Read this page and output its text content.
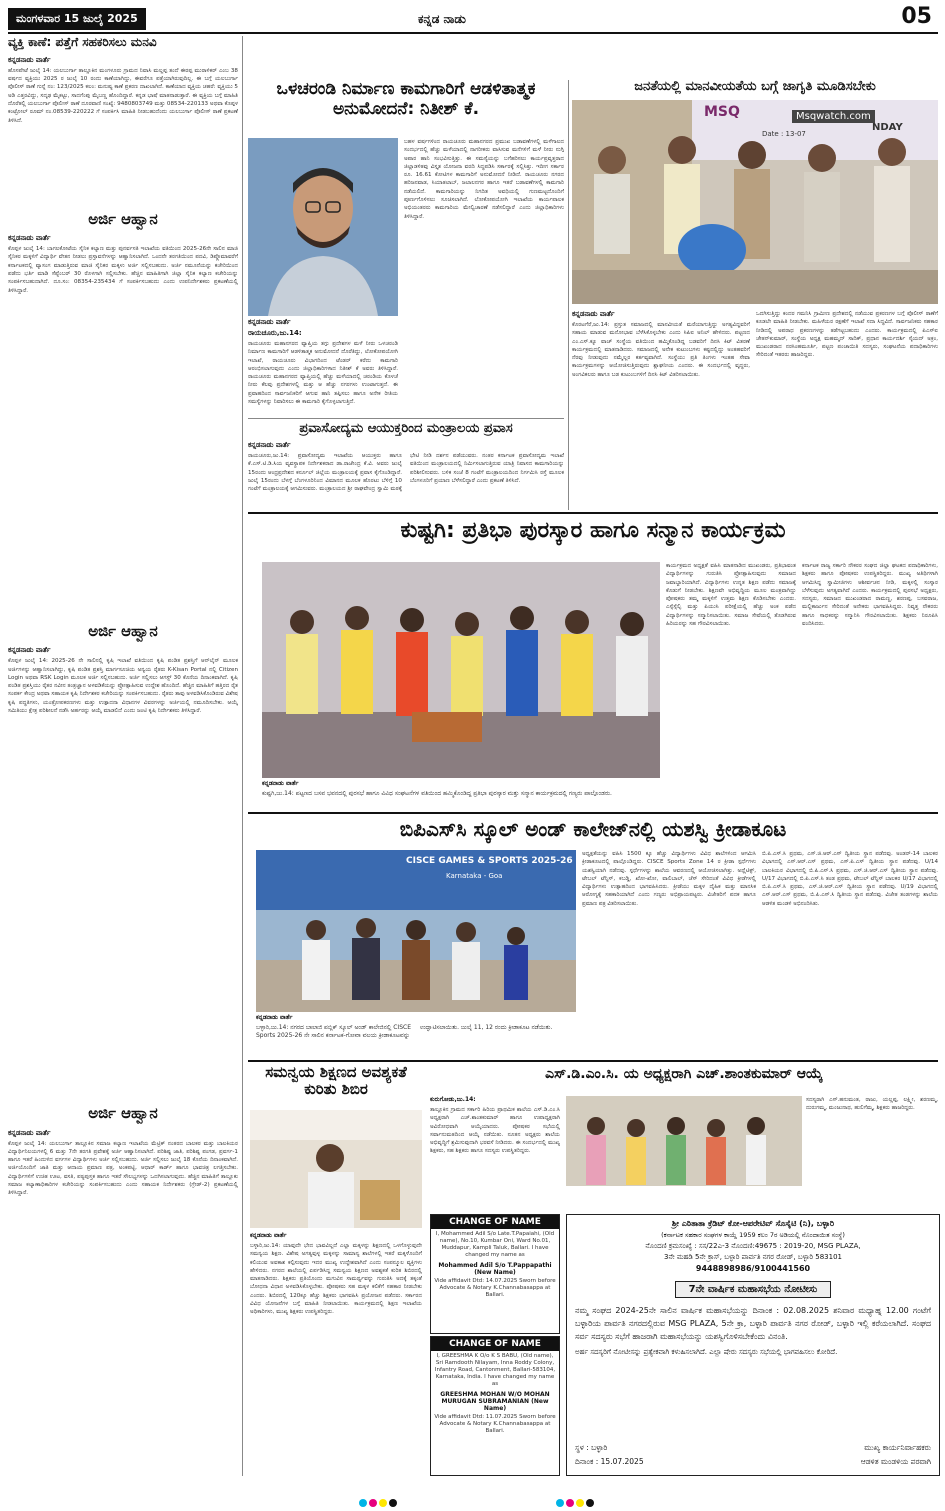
ಮಂಗಳವಾರ 15 ಜುಲೈ 2025	ಕನ್ನಡ ನಾಡು	05
ವ್ಯಕ್ತಿ ಕಾಣೆ: ಪತ್ತೆಗೆ ಸಹಕರಿಸಲು ಮನವಿ
ಕನ್ನಡನಾಡು ವಾರ್ತೆ
ಹೊಸಪೇಟೆ ಜುಲೈ 14: ಯಲಬುರ್ಗಾ ತಾಲ್ಲೂಕಿನ ಮಂಗಳೂರು ಗ್ರಾಮದ ನಿವಾಸಿ ಮಲ್ಲಪ್ಪ ತಂದೆ ಈರಪ್ಪ ಮುರಾಳಿಕರ್ ಎಂಬ 38 ವರ್ಷದ ವ್ಯಕ್ತಿಯು 2025 ರ ಜುಲೈ 10 ರಂದು ಕಾಣೆಯಾಗಿದ್ದು, ಈವರೆಗೂ ಪತ್ತೆಯಾಗಿರುವುದಿಲ್ಲ. ಈ ಬಗ್ಗೆ ಯಲಬುರ್ಗಾ ಪೊಲೀಸ್ ಠಾಣೆ ಗುನ್ನೆ ನಂ: 123/2025 ಕಲಂ: ಮನುಷ್ಯ ಕಾಣೆ ಪ್ರಕರಣ ದಾಖಲಾಗಿದೆ. ಕಾಣೆಯಾದ ವ್ಯಕ್ತಿಯ ಚಹರೆ: ವ್ಯಕ್ತಿಯು 5 ಅಡಿ ಎತ್ತರವಿದ್ದು, ಸದೃಢ ಮೈಕಟ್ಟು, ಸಾದಗೆಂಪು ಮೈಬಣ್ಣ ಹೊಂದಿದ್ದಾರೆ. ಕನ್ನಡ ಭಾಷೆ ಮಾತನಾಡುತ್ತಾರೆ. ಈ ವ್ಯಕ್ತಿಯ ಬಗ್ಗೆ ಮಾಹಿತಿ ದೊರೆತಲ್ಲಿ ಯಲಬುರ್ಗಾ ಪೊಲೀಸ್ ಠಾಣೆ ದೂರವಾಣಿ ಸಂಖ್ಯೆ: 9480803749 ಮತ್ತು 08534-220133 ಅಥವಾ ಕೊಪ್ಪಳ ಕಂಟ್ರೋಲ್ ರೂಮ್ ನಂ.08539-220222 ಗೆ ಸಂಪರ್ಕಿಸಿ ಮಾಹಿತಿ ನೀಡಬಹುದೆಂದು ಯಲಬುರ್ಗಾ ಪೊಲೀಸ್ ಠಾಣೆ ಪ್ರಕಟಣೆ ತಿಳಿಸಿದೆ.
ಅರ್ಜಿ ಆಹ್ವಾನ
ಕನ್ನಡನಾಡು ವಾರ್ತೆ
ಕೊಪ್ಪಳ ಜುಲೈ 14: ಬಾಗಲಕೋಟೆಯ ಸೈನಿಕ ಕಲ್ಯಾಣ ಮತ್ತು ಪುನರ್ವಸತಿ ಇಲಾಖೆಯ ವತಿಯಿಂದ 2025-26ನೇ ಸಾಲಿನ ಮಾಜಿ ಸೈನಿಕರ ಮಕ್ಕಳಿಗೆ ವಿದ್ಯಾರ್ಥಿ ವೇತನ ನೀಡಲು ಪ್ರಸ್ತಾವನೆಗಳನ್ನು ಆಹ್ವಾನಿಸಲಾಗಿದೆ. ಒಂದನೇ ತರಗತಿಯಿಂದ ಪದವಿ, ಡಿಪ್ಲೊಮಾವರೆಗೆ ಕರ್ನಾಟಕದಲ್ಲಿ ವ್ಯಾಸಂಗ ಮಾಡುತ್ತಿರುವ ಮಾಜಿ ಸೈನಿಕರ ಮಕ್ಕಳು ಅರ್ಜಿ ಸಲ್ಲಿಸಬಹುದು. ಅರ್ಜಿ ನಮೂನೆಯನ್ನು ಕಚೇರಿಯಿಂದ ಪಡೆದು ಭರ್ತಿ ಮಾಡಿ ಸೆಪ್ಟೆಂಬರ್ 30 ರೊಳಗಾಗಿ ಸಲ್ಲಿಸಬೇಕು. ಹೆಚ್ಚಿನ ಮಾಹಿತಿಗಾಗಿ ಜಿಲ್ಲಾ ಸೈನಿಕ ಕಲ್ಯಾಣ ಕಚೇರಿಯನ್ನು ಸಂಪರ್ಕಿಸಬಹುದಾಗಿದೆ. ದೂ.ಸಂ: 08354-235434 ಗೆ ಸಂಪರ್ಕಿಸಬಹುದು ಎಂದು ಉಪನಿರ್ದೇಶಕರು ಪ್ರಕಟಣೆಯಲ್ಲಿ ತಿಳಿಸಿದ್ದಾರೆ.
ಅರ್ಜಿ ಆಹ್ವಾನ
ಕನ್ನಡನಾಡು ವಾರ್ತೆ
ಕೊಪ್ಪಳ ಜುಲೈ 14: 2025-26 ನೇ ಸಾಲಿನಲ್ಲಿ ಕೃಷಿ ಇಲಾಖೆ ವತಿಯಿಂದ ಕೃಷಿ ಪಂಡಿತ ಪ್ರಶಸ್ತಿಗೆ ಆನ್‌ಲೈನ್ ಮೂಲಕ ಅರ್ಜಿಗಳನ್ನು ಆಹ್ವಾನಿಸಲಾಗಿದ್ದು, ಕೃಷಿ ಪಂಡಿತ ಪ್ರಶಸ್ತಿ ಮಾರ್ಗಸೂಚಿಯ ಅನ್ವಯ ರೈತರು K-Kisan Portal ನಲ್ಲಿ Citizen Login ಅಥವಾ RSK Login ಮೂಲಕ ಅರ್ಜಿ ಸಲ್ಲಿಸಬಹುದು. ಅರ್ಜಿ ಸಲ್ಲಿಸಲು ಆಗಸ್ಟ್ 30 ಕೊನೆಯ ದಿನಾಂಕವಾಗಿದೆ. ಕೃಷಿ ಪಂಡಿತ ಪ್ರಶಸ್ತಿಯು ರೈತರ ನವೀನ ತಂತ್ರಜ್ಞಾನ ಅಳವಡಿಕೆಯನ್ನು ಪ್ರೋತ್ಸಾಹಿಸುವ ಉದ್ದೇಶ ಹೊಂದಿದೆ. ಹೆಚ್ಚಿನ ಮಾಹಿತಿಗೆ ಹತ್ತಿರದ ರೈತ ಸಂಪರ್ಕ ಕೇಂದ್ರ ಅಥವಾ ಸಹಾಯಕ ಕೃಷಿ ನಿರ್ದೇಶಕರ ಕಚೇರಿಯನ್ನು ಸಂಪರ್ಕಿಸಬಹುದು. ರೈತರು ತಾವು ಅಳವಡಿಸಿಕೊಂಡಿರುವ ವಿಶೇಷ ಕೃಷಿ ಪದ್ಧತಿಗಳು, ಯಂತ್ರೋಪಕರಣಗಳು ಮತ್ತು ಉತ್ಪಾದನಾ ವಿಧಾನಗಳ ವಿವರಗಳನ್ನು ಅರ್ಜಿಯಲ್ಲಿ ನಮೂದಿಸಬೇಕು. ಆಯ್ಕೆ ಸಮಿತಿಯು ಕ್ಷೇತ್ರ ಪರಿಶೀಲನೆ ನಡೆಸಿ ಅರ್ಹರನ್ನು ಆಯ್ಕೆ ಮಾಡಲಿದೆ ಎಂದು ಜಂಟಿ ಕೃಷಿ ನಿರ್ದೇಶಕರು ತಿಳಿಸಿದ್ದಾರೆ.
ಅರ್ಜಿ ಆಹ್ವಾನ
ಕನ್ನಡನಾಡು ವಾರ್ತೆ
ಕೊಪ್ಪಳ ಜುಲೈ 14: ಯಲಬುರ್ಗಾ ತಾಲ್ಲೂಕಿನ ಸಮಾಜ ಕಲ್ಯಾಣ ಇಲಾಖೆಯ ಮೆಟ್ರಿಕ್ ನಂತರದ ಬಾಲಕರ ಮತ್ತು ಬಾಲಕಿಯರ ವಿದ್ಯಾರ್ಥಿನಿಲಯಗಳಲ್ಲಿ 6 ಮತ್ತು 7ನೇ ತರಗತಿ ಪ್ರವೇಶಕ್ಕೆ ಅರ್ಜಿ ಆಹ್ವಾನಿಸಲಾಗಿದೆ. ಪರಿಶಿಷ್ಟ ಜಾತಿ, ಪರಿಶಿಷ್ಟ ಪಂಗಡ, ಪ್ರವರ್ಗ-1 ಹಾಗೂ ಇತರೆ ಹಿಂದುಳಿದ ವರ್ಗಗಳ ವಿದ್ಯಾರ್ಥಿಗಳು ಅರ್ಜಿ ಸಲ್ಲಿಸಬಹುದು. ಅರ್ಜಿ ಸಲ್ಲಿಸಲು ಜುಲೈ 18 ಕೊನೆಯ ದಿನಾಂಕವಾಗಿದೆ. ಅರ್ಜಿಯೊಂದಿಗೆ ಜಾತಿ ಮತ್ತು ಆದಾಯ ಪ್ರಮಾಣ ಪತ್ರ, ಅಂಕಪಟ್ಟಿ, ಆಧಾರ್ ಕಾರ್ಡ್ ಹಾಗೂ ಭಾವಚಿತ್ರ ಲಗತ್ತಿಸಬೇಕು. ವಿದ್ಯಾರ್ಥಿಗಳಿಗೆ ಉಚಿತ ಊಟ, ವಸತಿ, ಪಠ್ಯಪುಸ್ತಕ ಹಾಗೂ ಇತರೆ ಸೌಲಭ್ಯಗಳನ್ನು ಒದಗಿಸಲಾಗುವುದು. ಹೆಚ್ಚಿನ ಮಾಹಿತಿಗೆ ತಾಲ್ಲೂಕು ಸಮಾಜ ಕಲ್ಯಾಣಾಧಿಕಾರಿಗಳ ಕಚೇರಿಯನ್ನು ಸಂಪರ್ಕಿಸಬಹುದು ಎಂದು ಸಹಾಯಕ ನಿರ್ದೇಶಕರು (ಗ್ರೇಡ್-2) ಪ್ರಕಟಣೆಯಲ್ಲಿ ತಿಳಿಸಿದ್ದಾರೆ.
ಒಳಚರಂಡಿ ನಿರ್ಮಾಣ ಕಾಮಗಾರಿಗೆ ಆಡಳಿತಾತ್ಮಕ ಅನುಮೋದನೆ: ನಿತೀಶ್ ಕೆ.
ಕನ್ನಡನಾಡು ವಾರ್ತೆ
ರಾಯಚೂರು,ಜು.14:
ರಾಯಚೂರು ಮಹಾನಗರದ ವ್ಯಾಪ್ತಿಯ ತಗ್ಗು ಪ್ರದೇಶಗಳ ಮಳೆ ನೀರು ಒಳಚರಂಡಿ ನಿರ್ಮಾಣ ಕಾಮಗಾರಿಗೆ ಆಡಳಿತಾತ್ಮಕ ಅನುಮೋದನೆ ದೊರೆತಿದ್ದು, ಲೋಕೋಪಯೋಗಿ ಇಲಾಖೆ, ರಾಯಚೂರು ವಿಭಾಗದಿಂದ ಟೆಂಡರ್ ಕರೆದು ಕಾಮಗಾರಿ ಆರಂಭಿಸಲಾಗುವುದು ಎಂದು ಜಿಲ್ಲಾಧಿಕಾರಿಗಳಾದ ನಿತೀಶ್ ಕೆ ಅವರು ತಿಳಿಸಿದ್ದಾರೆ. ರಾಯಚೂರು ಮಹಾನಗರದ ವ್ಯಾಪ್ತಿಯಲ್ಲಿ ಹೆಚ್ಚು ಮಳೆಯಾದಲ್ಲಿ ಚರಂಡಿಯ ಕೊಳಚೆ ನೀರು ಕೆಲವು ಪ್ರದೇಶಗಳಲ್ಲಿ ಮತ್ತು ಆ ಹೆಚ್ಚು ನಗರಗಳು ಉಂಟಾಗುತ್ತದೆ. ಈ ಪ್ರವಾಹದಿಂದ ಸಾರ್ವಜನಿಕರಿಗೆ ಆಗುವ ಹಾನಿ ತಪ್ಪಿಸಲು ಹಾಗೂ ಅನೇಕ ರೀತಿಯ ಸಮಸ್ಯೆಗಳನ್ನು ನಿವಾರಿಸಲು ಈ ಕಾಮಗಾರಿ ಕೈಗೊಳ್ಳಲಾಗುತ್ತಿದೆ.
ಬಹಳ ವರ್ಷಗಳಿಂದ ರಾಯಚೂರು ಮಹಾನಗರದ ಪ್ರಮುಖ ಬಡಾವಣೆಗಳಲ್ಲಿ ಮಳೆಗಾಲದ ಸಂದರ್ಭದಲ್ಲಿ ಹೆಚ್ಚು ಮಳೆಯಾದಲ್ಲಿ ನಾಗರೀಕರು ವಾಸಿಸುವ ಮನೆಗಳಿಗೆ ಮಳೆ ನೀರು ನುಗ್ಗಿ ಅಪಾರ ಹಾನಿ ಸಂಭವಿಸುತ್ತಿತ್ತು. ಈ ಸಮಸ್ಯೆಯನ್ನು ಬಗೆಹರಿಸಲು ಕಾರ್ಯಪ್ರವೃತ್ತರಾದ ಜಿಲ್ಲಾಡಳಿತವು ವಿಸ್ತೃತ ಯೋಜನಾ ವರದಿ ಸಿದ್ಧಪಡಿಸಿ ಸರ್ಕಾರಕ್ಕೆ ಸಲ್ಲಿಸಿತ್ತು. ಇದೀಗ ಸರ್ಕಾರ ರೂ. 16.61 ಕೋಟಿಗಳ ಕಾಮಗಾರಿಗೆ ಅನುಮೋದನೆ ನೀಡಿದೆ. ರಾಯಚೂರು ನಗರದ ಹರಿಜನವಾಡ, ಸಿಯಾತಲಾಬ್, ಜಲಾಲನಗರ ಹಾಗೂ ಇತರೆ ಬಡಾವಣೆಗಳಲ್ಲಿ ಕಾಮಗಾರಿ ನಡೆಯಲಿದೆ. ಕಾಮಗಾರಿಯನ್ನು ನಿಗದಿತ ಅವಧಿಯಲ್ಲಿ ಗುಣಮಟ್ಟದೊಂದಿಗೆ ಪೂರ್ಣಗೊಳಿಸಲು ಸೂಚಿಸಲಾಗಿದೆ. ಲೋಕೋಪಯೋಗಿ ಇಲಾಖೆಯ ಕಾರ್ಯಪಾಲಕ ಅಭಿಯಂತರರು ಕಾಮಗಾರಿಯ ಮೇಲ್ವಿಚಾರಣೆ ನಡೆಸಲಿದ್ದಾರೆ ಎಂದು ಜಿಲ್ಲಾಧಿಕಾರಿಗಳು ತಿಳಿಸಿದ್ದಾರೆ.
ಪ್ರವಾಸೋದ್ಯಮ ಆಯುಕ್ತರಿಂದ ಮಂತ್ರಾಲಯ ಪ್ರವಾಸ
ಕನ್ನಡನಾಡು ವಾರ್ತೆ
ರಾಯಚೂರು,ಜು.14: ಪ್ರವಾಸೋದ್ಯಮ ಇಲಾಖೆಯ ಆಯುಕ್ತರು ಹಾಗೂ ಕೆ.ಎಸ್.ಟಿ.ಡಿ.ಸಿಯ ವ್ಯವಸ್ಥಾಪಕ ನಿರ್ದೇಶಕರಾದ ಡಾ.ರಾಜೇಂದ್ರ ಕೆ.ವಿ. ಅವರು ಜುಲೈ 15ರಂದು ಆಂಧ್ರಪ್ರದೇಶದ ಕರ್ನೂಲ್ ಜಿಲ್ಲೆಯ ಮಂತ್ರಾಲಯಕ್ಕೆ ಪ್ರವಾಸ ಕೈಗೊಂಡಿದ್ದಾರೆ. ಜುಲೈ 15ರಂದು ಬೆಳಗ್ಗೆ ಬೆಂಗಳೂರಿನಿಂದ ವಿಮಾನದ ಮೂಲಕ ಹೊರಟು ಬೆಳಿಗ್ಗೆ 10 ಗಂಟೆಗೆ ಮಂತ್ರಾಲಯಕ್ಕೆ ಆಗಮಿಸುವರು. ಮಂತ್ರಾಲಯದ ಶ್ರೀ ರಾಘವೇಂದ್ರ ಸ್ವಾಮಿ ಮಠಕ್ಕೆ ಭೇಟಿ ನೀಡಿ ದರ್ಶನ ಪಡೆಯುವರು. ನಂತರ ಕರ್ನಾಟಕ ಪ್ರವಾಸೋದ್ಯಮ ಇಲಾಖೆ ವತಿಯಿಂದ ಮಂತ್ರಾಲಯದಲ್ಲಿ ನಿರ್ಮಿಸಲಾಗುತ್ತಿರುವ ಯಾತ್ರಿ ನಿವಾಸದ ಕಾಮಗಾರಿಯನ್ನು ಪರಿಶೀಲಿಸುವರು. ಬಳಿಕ ಸಂಜೆ 8 ಗಂಟೆಗೆ ಮಂತ್ರಾಲಯದಿಂದ ನಿರ್ಗಮಿಸಿ ರಸ್ತೆ ಮೂಲಕ ಬೆಂಗಳೂರಿಗೆ ಪ್ರಯಾಣ ಬೆಳೆಸಲಿದ್ದಾರೆ ಎಂದು ಪ್ರಕಟಣೆ ತಿಳಿಸಿದೆ.
ಜನತೆಯಲ್ಲಿ ಮಾನವೀಯತೆಯ ಬಗ್ಗೆ ಜಾಗೃತಿ ಮೂಡಿಸಬೇಕು
MSQ	Msqwatch.com
Date : 13-07
NDAY
ಕನ್ನಡನಾಡು ವಾರ್ತೆ
ಕೊರಟಗೆರೆ,ಜು.14: ಪ್ರಸ್ತುತ ಸಮಾಜದಲ್ಲಿ ಮಾನವೀಯತೆ ಮರೆಯಾಗುತ್ತಿದ್ದು ಅಗತ್ಯವಿದ್ದವರಿಗೆ ಸಹಾಯ ಮಾಡುವ ಮನೋಭಾವ ಬೆಳೆಸಿಕೊಳ್ಳಬೇಕು ಎಂದು ಸಿಪಿಐ ಅನಿಲ್ ಹೇಳಿದರು. ಪಟ್ಟಣದ ಎಂ.ಎಸ್.ಕ್ಯೂ ವಾಚ್ ಸಂಸ್ಥೆಯ ವತಿಯಿಂದ ಹಮ್ಮಿಕೊಂಡಿದ್ದ ಬಡವರಿಗೆ ದಿನಸಿ ಕಿಟ್ ವಿತರಣೆ ಕಾರ್ಯಕ್ರಮದಲ್ಲಿ ಮಾತನಾಡಿದರು. ಸಮಾಜದಲ್ಲಿ ಅನೇಕ ಕುಟುಂಬಗಳು ಕಷ್ಟದಲ್ಲಿದ್ದು ಅಂತಹವರಿಗೆ ನೆರವು ನೀಡುವುದು ನಮ್ಮೆಲ್ಲರ ಕರ್ತವ್ಯವಾಗಿದೆ. ಸಂಸ್ಥೆಯು ಪ್ರತಿ ತಿಂಗಳು ಇಂತಹ ಸೇವಾ ಕಾರ್ಯಕ್ರಮಗಳನ್ನು ಆಯೋಜಿಸುತ್ತಿರುವುದು ಶ್ಲಾಘನೀಯ ಎಂದರು. ಈ ಸಂದರ್ಭದಲ್ಲಿ ವೃದ್ಧರು, ಅಂಗವಿಕಲರು ಹಾಗೂ ಬಡ ಕುಟುಂಬಗಳಿಗೆ ದಿನಸಿ ಕಿಟ್ ವಿತರಿಸಲಾಯಿತು.
ಒದಗಿಸುತ್ತಿದ್ದು ಕಂದರ ಗಮನಿಸಿ ಗ್ರಾಮೀಣ ಪ್ರದೇಶದಲ್ಲಿ ನಡೆಯುವ ಪ್ರಕರಣಗಳ ಬಗ್ಗೆ ಪೊಲೀಸ್ ಠಾಣೆಗೆ ಕೂಡಲೇ ಮಾಹಿತಿ ನೀಡಬೇಕು. ಮಹಿಳೆಯರ ರಕ್ಷಣೆಗೆ ಇಲಾಖೆ ಸದಾ ಸಿದ್ಧವಿದೆ. ಸಾರ್ವಜನಿಕರು ಸಹಕಾರ ನೀಡಿದಲ್ಲಿ ಅಪರಾಧ ಪ್ರಕರಣಗಳನ್ನು ತಡೆಗಟ್ಟಬಹುದು ಎಂದರು. ಕಾರ್ಯಕ್ರಮದಲ್ಲಿ ಪಿಎಸ್‌ಐ ಚೇತನ್‌ಕುಮಾರ್, ಸಂಸ್ಥೆಯ ಅಧ್ಯಕ್ಷ ಮಹಮ್ಮದ್ ಸಾದಿಕ್, ಪ್ರಧಾನ ಕಾರ್ಯದರ್ಶಿ ಸೈಯದ್ ಅಕ್ರಂ, ಮುಖಂಡರಾದ ನರಸಿಂಹಮೂರ್ತಿ, ಪಟ್ಟಣ ಪಂಚಾಯಿತಿ ಸದಸ್ಯರು, ಸಂಘಟನೆಯ ಪದಾಧಿಕಾರಿಗಳು ಸೇರಿದಂತೆ ಇತರರು ಹಾಜರಿದ್ದರು.
ಕುಷ್ಟಗಿ: ಪ್ರತಿಭಾ ಪುರಸ್ಕಾರ ಹಾಗೂ ಸನ್ಮಾನ ಕಾರ್ಯಕ್ರಮ
ಕನ್ನಡನಾಡು ವಾರ್ತೆ
ಕುಷ್ಟಗಿ,ಜು.14: ಪಟ್ಟಣದ ಬಸವ ಭವನದಲ್ಲಿ ಪುರಸಭೆ ಹಾಗೂ ವಿವಿಧ ಸಂಘಟನೆಗಳ ವತಿಯಿಂದ ಹಮ್ಮಿಕೊಂಡಿದ್ದ ಪ್ರತಿಭಾ ಪುರಸ್ಕಾರ ಮತ್ತು ಸನ್ಮಾನ ಕಾರ್ಯಕ್ರಮದಲ್ಲಿ ಗಣ್ಯರು ಪಾಲ್ಗೊಂಡರು.
ಕಾರ್ಯಕ್ರಮದ ಅಧ್ಯಕ್ಷತೆ ವಹಿಸಿ ಮಾತನಾಡಿದ ಮುಖಂಡರು, ಪ್ರತಿಭಾವಂತ ವಿದ್ಯಾರ್ಥಿಗಳನ್ನು ಗುರುತಿಸಿ ಪ್ರೋತ್ಸಾಹಿಸುವುದು ಸಮಾಜದ ಜವಾಬ್ದಾರಿಯಾಗಿದೆ. ವಿದ್ಯಾರ್ಥಿಗಳು ಉನ್ನತ ಶಿಕ್ಷಣ ಪಡೆದು ಸಮಾಜಕ್ಕೆ ಕೊಡುಗೆ ನೀಡಬೇಕು. ಶಿಕ್ಷಣವೇ ಅಭಿವೃದ್ಧಿಯ ಮೂಲ ಮಂತ್ರವಾಗಿದ್ದು ಪೋಷಕರು ತಮ್ಮ ಮಕ್ಕಳಿಗೆ ಉತ್ತಮ ಶಿಕ್ಷಣ ಕೊಡಿಸಬೇಕು ಎಂದರು. ಎಸ್ಸೆಸ್ಸೆಲ್ಸಿ ಮತ್ತು ಪಿಯುಸಿ ಪರೀಕ್ಷೆಯಲ್ಲಿ ಹೆಚ್ಚು ಅಂಕ ಪಡೆದ ವಿದ್ಯಾರ್ಥಿಗಳನ್ನು ಸನ್ಮಾನಿಸಲಾಯಿತು. ಸಮಾಜ ಸೇವೆಯಲ್ಲಿ ತೊಡಗಿರುವ ಹಿರಿಯರನ್ನು ಸಹ ಗೌರವಿಸಲಾಯಿತು.
ಕರ್ನಾಟಕ ರಾಜ್ಯ ಸರ್ಕಾರಿ ನೌಕರರ ಸಂಘದ ಜಿಲ್ಲಾ ಘಟಕದ ಪದಾಧಿಕಾರಿಗಳು, ಶಿಕ್ಷಕರು ಹಾಗೂ ಪೋಷಕರು ಉಪಸ್ಥಿತರಿದ್ದರು. ಮುಖ್ಯ ಅತಿಥಿಗಳಾಗಿ ಆಗಮಿಸಿದ್ದ ಸ್ವಾಮೀಜಿಗಳು ಆಶೀರ್ವಚನ ನೀಡಿ, ಮಕ್ಕಳಲ್ಲಿ ಸಂಸ್ಕಾರ ಬೆಳೆಸುವುದು ಅಗತ್ಯವಾಗಿದೆ ಎಂದರು. ಕಾರ್ಯಕ್ರಮದಲ್ಲಿ ಪುರಸಭೆ ಅಧ್ಯಕ್ಷರು, ಸದಸ್ಯರು, ಸಮಾಜದ ಮುಖಂಡರಾದ ರಾಮಣ್ಣ, ಶರಣಪ್ಪ, ಬಸವರಾಜ, ಮಲ್ಲಿಕಾರ್ಜುನ ಸೇರಿದಂತೆ ಅನೇಕರು ಭಾಗವಹಿಸಿದ್ದರು. ನಿವೃತ್ತ ನೌಕರರು ಹಾಗೂ ಸಾಧಕರನ್ನು ಸನ್ಮಾನಿಸಿ ಗೌರವಿಸಲಾಯಿತು. ಶಿಕ್ಷಕರು ನಿರೂಪಿಸಿ ವಂದಿಸಿದರು.
ಬಿಪಿಎಸ್‌ಸಿ ಸ್ಕೂಲ್ ಅಂಡ್ ಕಾಲೇಜ್‌ನಲ್ಲಿ ಯಶಸ್ವಿ ಕ್ರೀಡಾಕೂಟ
CISCE GAMES & SPORTS 2025-26
Karnataka - Goa
ಕನ್ನಡನಾಡು ವಾರ್ತೆ
ಬಳ್ಳಾರಿ,ಜು.14: ನಗರದ ಬಾಲಾಜಿ ಪಬ್ಲಿಕ್ ಸ್ಕೂಲ್ ಅಂಡ್ ಕಾಲೇಜಿನಲ್ಲಿ CISCE Sports 2025-26 ನೇ ಸಾಲಿನ ಕರ್ನಾಟಕ-ಗೋವಾ ವಲಯ ಕ್ರೀಡಾಕೂಟವನ್ನು ಉದ್ಘಾಟಿಸಲಾಯಿತು. ಜುಲೈ 11, 12 ರಂದು ಕ್ರೀಡಾಕೂಟ ನಡೆಯಿತು.
ಅಧ್ಯಕ್ಷತೆಯನ್ನು ವಹಿಸಿ 1500 ಕ್ಕೂ ಹೆಚ್ಚು ವಿದ್ಯಾರ್ಥಿಗಳು ವಿವಿಧ ಶಾಲೆಗಳಿಂದ ಆಗಮಿಸಿ ಕ್ರೀಡಾಕೂಟದಲ್ಲಿ ಪಾಲ್ಗೊಂಡಿದ್ದರು. CISCE Sports Zone 14 ರ ಕ್ರೀಡಾ ಸ್ಪರ್ಧೆಗಳು ಯಶಸ್ವಿಯಾಗಿ ನಡೆದವು. ಸ್ಪರ್ಧೆಗಳನ್ನು ಶಾಲೆಯ ಆವರಣದಲ್ಲಿ ಆಯೋಜಿಸಲಾಗಿತ್ತು. ಅಥ್ಲೆಟಿಕ್ಸ್, ಟೇಬಲ್ ಟೆನ್ನಿಸ್, ಕಬಡ್ಡಿ, ಖೋ-ಖೋ, ವಾಲಿಬಾಲ್, ಚೆಸ್ ಸೇರಿದಂತೆ ವಿವಿಧ ಕ್ರೀಡೆಗಳಲ್ಲಿ ವಿದ್ಯಾರ್ಥಿಗಳು ಉತ್ಸಾಹದಿಂದ ಭಾಗವಹಿಸಿದರು. ಕ್ರೀಡೆಯು ಮಕ್ಕಳ ದೈಹಿಕ ಮತ್ತು ಮಾನಸಿಕ ಆರೋಗ್ಯಕ್ಕೆ ಸಹಕಾರಿಯಾಗಿದೆ ಎಂದು ಗಣ್ಯರು ಅಭಿಪ್ರಾಯಪಟ್ಟರು. ವಿಜೇತರಿಗೆ ಪದಕ ಹಾಗೂ ಪ್ರಮಾಣ ಪತ್ರ ವಿತರಿಸಲಾಯಿತು.
ಬಿ.ಪಿ.ಎಸ್.ಸಿ ಪ್ರಥಮ, ಎಸ್.ಜಿ.ಆರ್.ಎಸ್ ದ್ವಿತೀಯ ಸ್ಥಾನ ಪಡೆದವು. ಅಂಡರ್-14 ಬಾಲಕರ ವಿಭಾಗದಲ್ಲಿ ಎಸ್.ಆರ್.ಎಸ್ ಪ್ರಥಮ, ಎಸ್.ಪಿ.ಎಸ್ ದ್ವಿತೀಯ ಸ್ಥಾನ ಪಡೆದವು. U/14 ಬಾಲಕಿಯರ ವಿಭಾಗದಲ್ಲಿ ಬಿ.ಪಿ.ಎಸ್.ಸಿ ಪ್ರಥಮ, ಎಸ್.ಜಿ.ಆರ್.ಎಸ್ ದ್ವಿತೀಯ ಸ್ಥಾನ ಪಡೆದವು. U/17 ವಿಭಾಗದಲ್ಲಿ ಬಿ.ಪಿ.ಎಸ್.ಸಿ ತಂಡ ಪ್ರಥಮ, ಟೇಬಲ್ ಟೆನ್ನಿಸ್ ಬಾಲಕರ U/17 ವಿಭಾಗದಲ್ಲಿ ಬಿ.ಪಿ.ಎಸ್.ಸಿ ಪ್ರಥಮ, ಎಸ್.ಜಿ.ಆರ್.ಎಸ್ ದ್ವಿತೀಯ ಸ್ಥಾನ ಪಡೆದವು. U/19 ವಿಭಾಗದಲ್ಲಿ ಎಸ್.ಆರ್.ಎಸ್ ಪ್ರಥಮ, ಬಿ.ಪಿ.ಎಸ್.ಸಿ ದ್ವಿತೀಯ ಸ್ಥಾನ ಪಡೆದವು. ವಿಜೇತ ತಂಡಗಳನ್ನು ಶಾಲೆಯ ಆಡಳಿತ ಮಂಡಳಿ ಅಭಿನಂದಿಸಿತು.
ಸಮನ್ವಯ ಶಿಕ್ಷಣದ ಅವಶ್ಯಕತೆ ಕುರಿತು ಶಿಬಿರ
ಕನ್ನಡನಾಡು ವಾರ್ತೆ
ಬಳ್ಳಾರಿ,ಜು.14: ಯಾವುದೇ ಭೇದ ಭಾವವಿಲ್ಲದೆ ಎಲ್ಲಾ ಮಕ್ಕಳನ್ನು ಶಿಕ್ಷಣದಲ್ಲಿ ಒಳಗೊಳ್ಳುವುದೇ ಸಮನ್ವಯ ಶಿಕ್ಷಣ. ವಿಶೇಷ ಅಗತ್ಯವುಳ್ಳ ಮಕ್ಕಳನ್ನು ಸಾಮಾನ್ಯ ಶಾಲೆಗಳಲ್ಲಿ ಇತರೆ ಮಕ್ಕಳೊಂದಿಗೆ ಕಲಿಯುವ ಅವಕಾಶ ಕಲ್ಪಿಸುವುದು ಇದರ ಮುಖ್ಯ ಉದ್ದೇಶವಾಗಿದೆ ಎಂದು ಸಂಪನ್ಮೂಲ ವ್ಯಕ್ತಿಗಳು ಹೇಳಿದರು. ನಗರದ ಶಾಲೆಯಲ್ಲಿ ಏರ್ಪಡಿಸಿದ್ದ ಸಮನ್ವಯ ಶಿಕ್ಷಣದ ಅವಶ್ಯಕತೆ ಕುರಿತ ಶಿಬಿರದಲ್ಲಿ ಮಾತನಾಡಿದರು. ಶಿಕ್ಷಕರು ಪ್ರತಿಯೊಂದು ಮಗುವಿನ ಸಾಮರ್ಥ್ಯವನ್ನು ಗುರುತಿಸಿ ಅದಕ್ಕೆ ತಕ್ಕಂತೆ ಬೋಧನಾ ವಿಧಾನ ಅಳವಡಿಸಿಕೊಳ್ಳಬೇಕು. ಪೋಷಕರು ಸಹ ಮಕ್ಕಳ ಕಲಿಕೆಗೆ ಸಹಕಾರ ನೀಡಬೇಕು ಎಂದರು. ಶಿಬಿರದಲ್ಲಿ 120ಕ್ಕೂ ಹೆಚ್ಚು ಶಿಕ್ಷಕರು ಭಾಗವಹಿಸಿ ಪ್ರಯೋಜನ ಪಡೆದರು. ಸರ್ಕಾರದ ವಿವಿಧ ಯೋಜನೆಗಳ ಬಗ್ಗೆ ಮಾಹಿತಿ ನೀಡಲಾಯಿತು. ಕಾರ್ಯಕ್ರಮದಲ್ಲಿ ಶಿಕ್ಷಣ ಇಲಾಖೆಯ ಅಧಿಕಾರಿಗಳು, ಮುಖ್ಯ ಶಿಕ್ಷಕರು ಉಪಸ್ಥಿತರಿದ್ದರು.
ಎಸ್.ಡಿ.ಎಂ.ಸಿ. ಯ ಅಧ್ಯಕ್ಷರಾಗಿ ಎಚ್.ಶಾಂತಕುಮಾರ್ ಆಯ್ಕೆ
ಕುರುಗೋಡು,ಜು.14:
ತಾಲ್ಲೂಕಿನ ಗ್ರಾಮದ ಸರ್ಕಾರಿ ಹಿರಿಯ ಪ್ರಾಥಮಿಕ ಶಾಲೆಯ ಎಸ್.ಡಿ.ಎಂ.ಸಿ ಅಧ್ಯಕ್ಷರಾಗಿ ಎಚ್.ಶಾಂತಕುಮಾರ್ ಹಾಗೂ ಉಪಾಧ್ಯಕ್ಷರಾಗಿ ಅವಿರೋಧವಾಗಿ ಆಯ್ಕೆಯಾದರು. ಪೋಷಕರ ಸಭೆಯಲ್ಲಿ ಸರ್ವಾನುಮತದಿಂದ ಆಯ್ಕೆ ನಡೆಯಿತು. ನೂತನ ಅಧ್ಯಕ್ಷರು ಶಾಲೆಯ ಅಭಿವೃದ್ಧಿಗೆ ಶ್ರಮಿಸುವುದಾಗಿ ಭರವಸೆ ನೀಡಿದರು. ಈ ಸಂದರ್ಭದಲ್ಲಿ ಮುಖ್ಯ ಶಿಕ್ಷಕರು, ಸಹ ಶಿಕ್ಷಕರು ಹಾಗೂ ಸದಸ್ಯರು ಉಪಸ್ಥಿತರಿದ್ದರು.
ಸದಸ್ಯರಾಗಿ ಎಸ್.ಹನುಮಂತ, ರಾಜು, ಯಲ್ಲಪ್ಪ, ಲಕ್ಷ್ಮೀ, ಶರಣಮ್ಮ, ದುರುಗಮ್ಮ, ಮಂಜುನಾಥ, ಹುಲಿಗೆಮ್ಮ, ಶಿಕ್ಷಕರು ಹಾಜರಿದ್ದರು.
CHANGE OF NAME
I, Mohammed Adil S/o Late.T.Papaiahi, (Old name), No.10, Kumbar Oni, Ward No.01, Muddapur, Kampli Taluk, Ballari. I have changed my name as
Mohammed Adil S/o T.Pappapathi (New Name)
Vide affidavit Dtd: 14.07.2025 Sworn before Advocate & Notary K.Channabasappa at Ballari.
CHANGE OF NAME
I, GREESHMA K O/o K S BABU, (Old name), Sri Ramdooth Nilayam, Inna Roddy Colony, Infantry Road, Cantonment, Ballari-583104, Karnataka, India. I have changed my name as
GREESHMA MOHAN W/O MOHAN MURUGAN SUBRAMANIAN (New Name)
Vide affidavit Dtd: 11.07.2025 Sworn before Advocate & Notary K.Channabasappa at Ballari.
ಶ್ರೀ ಎಠಿತಾತಾ ಕ್ರೆಡಿಟ್ ಕೋ-ಆಪರೇಟಿವ್ ಸೊಸೈಟಿ (ನಿ), ಬಳ್ಳಾರಿ
(ಕರ್ನಾಟಕ ಸಹಕಾರ ಸಂಘಗಳ ಕಾಯ್ದೆ 1959 ಕಲಂ 7ರ ಅಡಿಯಲ್ಲಿ ನೊಂದಾಯಿತ ಸಂಸ್ಥೆ)
ನೊಂದಣಿ ಕ್ರಮಸಂಖ್ಯೆ : ಸಸ/22ಎ-3 ನೊಂದಣಿ:49675 : 2019-20, MSG PLAZA,
3ನೇ ಮಹಡಿ 5ನೇ ಕ್ರಾಸ್, ಬಳ್ಳಾರಿ ಪಾರ್ವತಿ ನಗರ ರೋಡ್, ಬಳ್ಳಾರಿ 583101
9448898986/9100441560
7ನೇ ವಾರ್ಷಿಕ ಮಹಾಸಭೆಯ ನೋಟೀಸು
ನಮ್ಮ ಸಂಘದ 2024-25ನೇ ಸಾಲಿನ ವಾರ್ಷಿಕ ಮಹಾಸಭೆಯನ್ನು ದಿನಾಂಕ : 02.08.2025 ಶನಿವಾರ ಮಧ್ಯಾಹ್ನ 12.00 ಗಂಟೆಗೆ ಬಳ್ಳಾರಿಯ ಪಾರ್ವತಿ ನಗರದಲ್ಲಿರುವ MSG PLAZA, 5ನೇ ಕ್ರಾ, ಬಳ್ಳಾರಿ ಪಾರ್ವತಿ ನಗರ ರೋಡ್, ಬಳ್ಳಾರಿ ಇಲ್ಲಿ ಕರೆಯಲಾಗಿದೆ. ಸಂಘದ ಸರ್ವ ಸದಸ್ಯರು ಸಭೆಗೆ ಹಾಜರಾಗಿ ಮಹಾಸಭೆಯನ್ನು ಯಶಸ್ವಿಗೊಳಿಸಬೇಕೆಂದು ವಿನಂತಿ.
ಅರ್ಹ ಸದಸ್ಯರಿಗೆ ನೋಟೀಸನ್ನು ಪ್ರತ್ಯೇಕವಾಗಿ ಕಳುಹಿಸಲಾಗಿದೆ. ಎಲ್ಲಾ ಷೇರು ಸದಸ್ಯರು ಸಭೆಯಲ್ಲಿ ಭಾಗವಹಿಸಲು ಕೋರಿದೆ.
ಸ್ಥಳ : ಬಳ್ಳಾರಿ
ದಿನಾಂಕ : 15.07.2025
ಮುಖ್ಯ ಕಾರ್ಯನಿರ್ವಾಹಕರು
ಆಡಳಿತ ಮಂಡಳಿಯ ಪರವಾಗಿ
